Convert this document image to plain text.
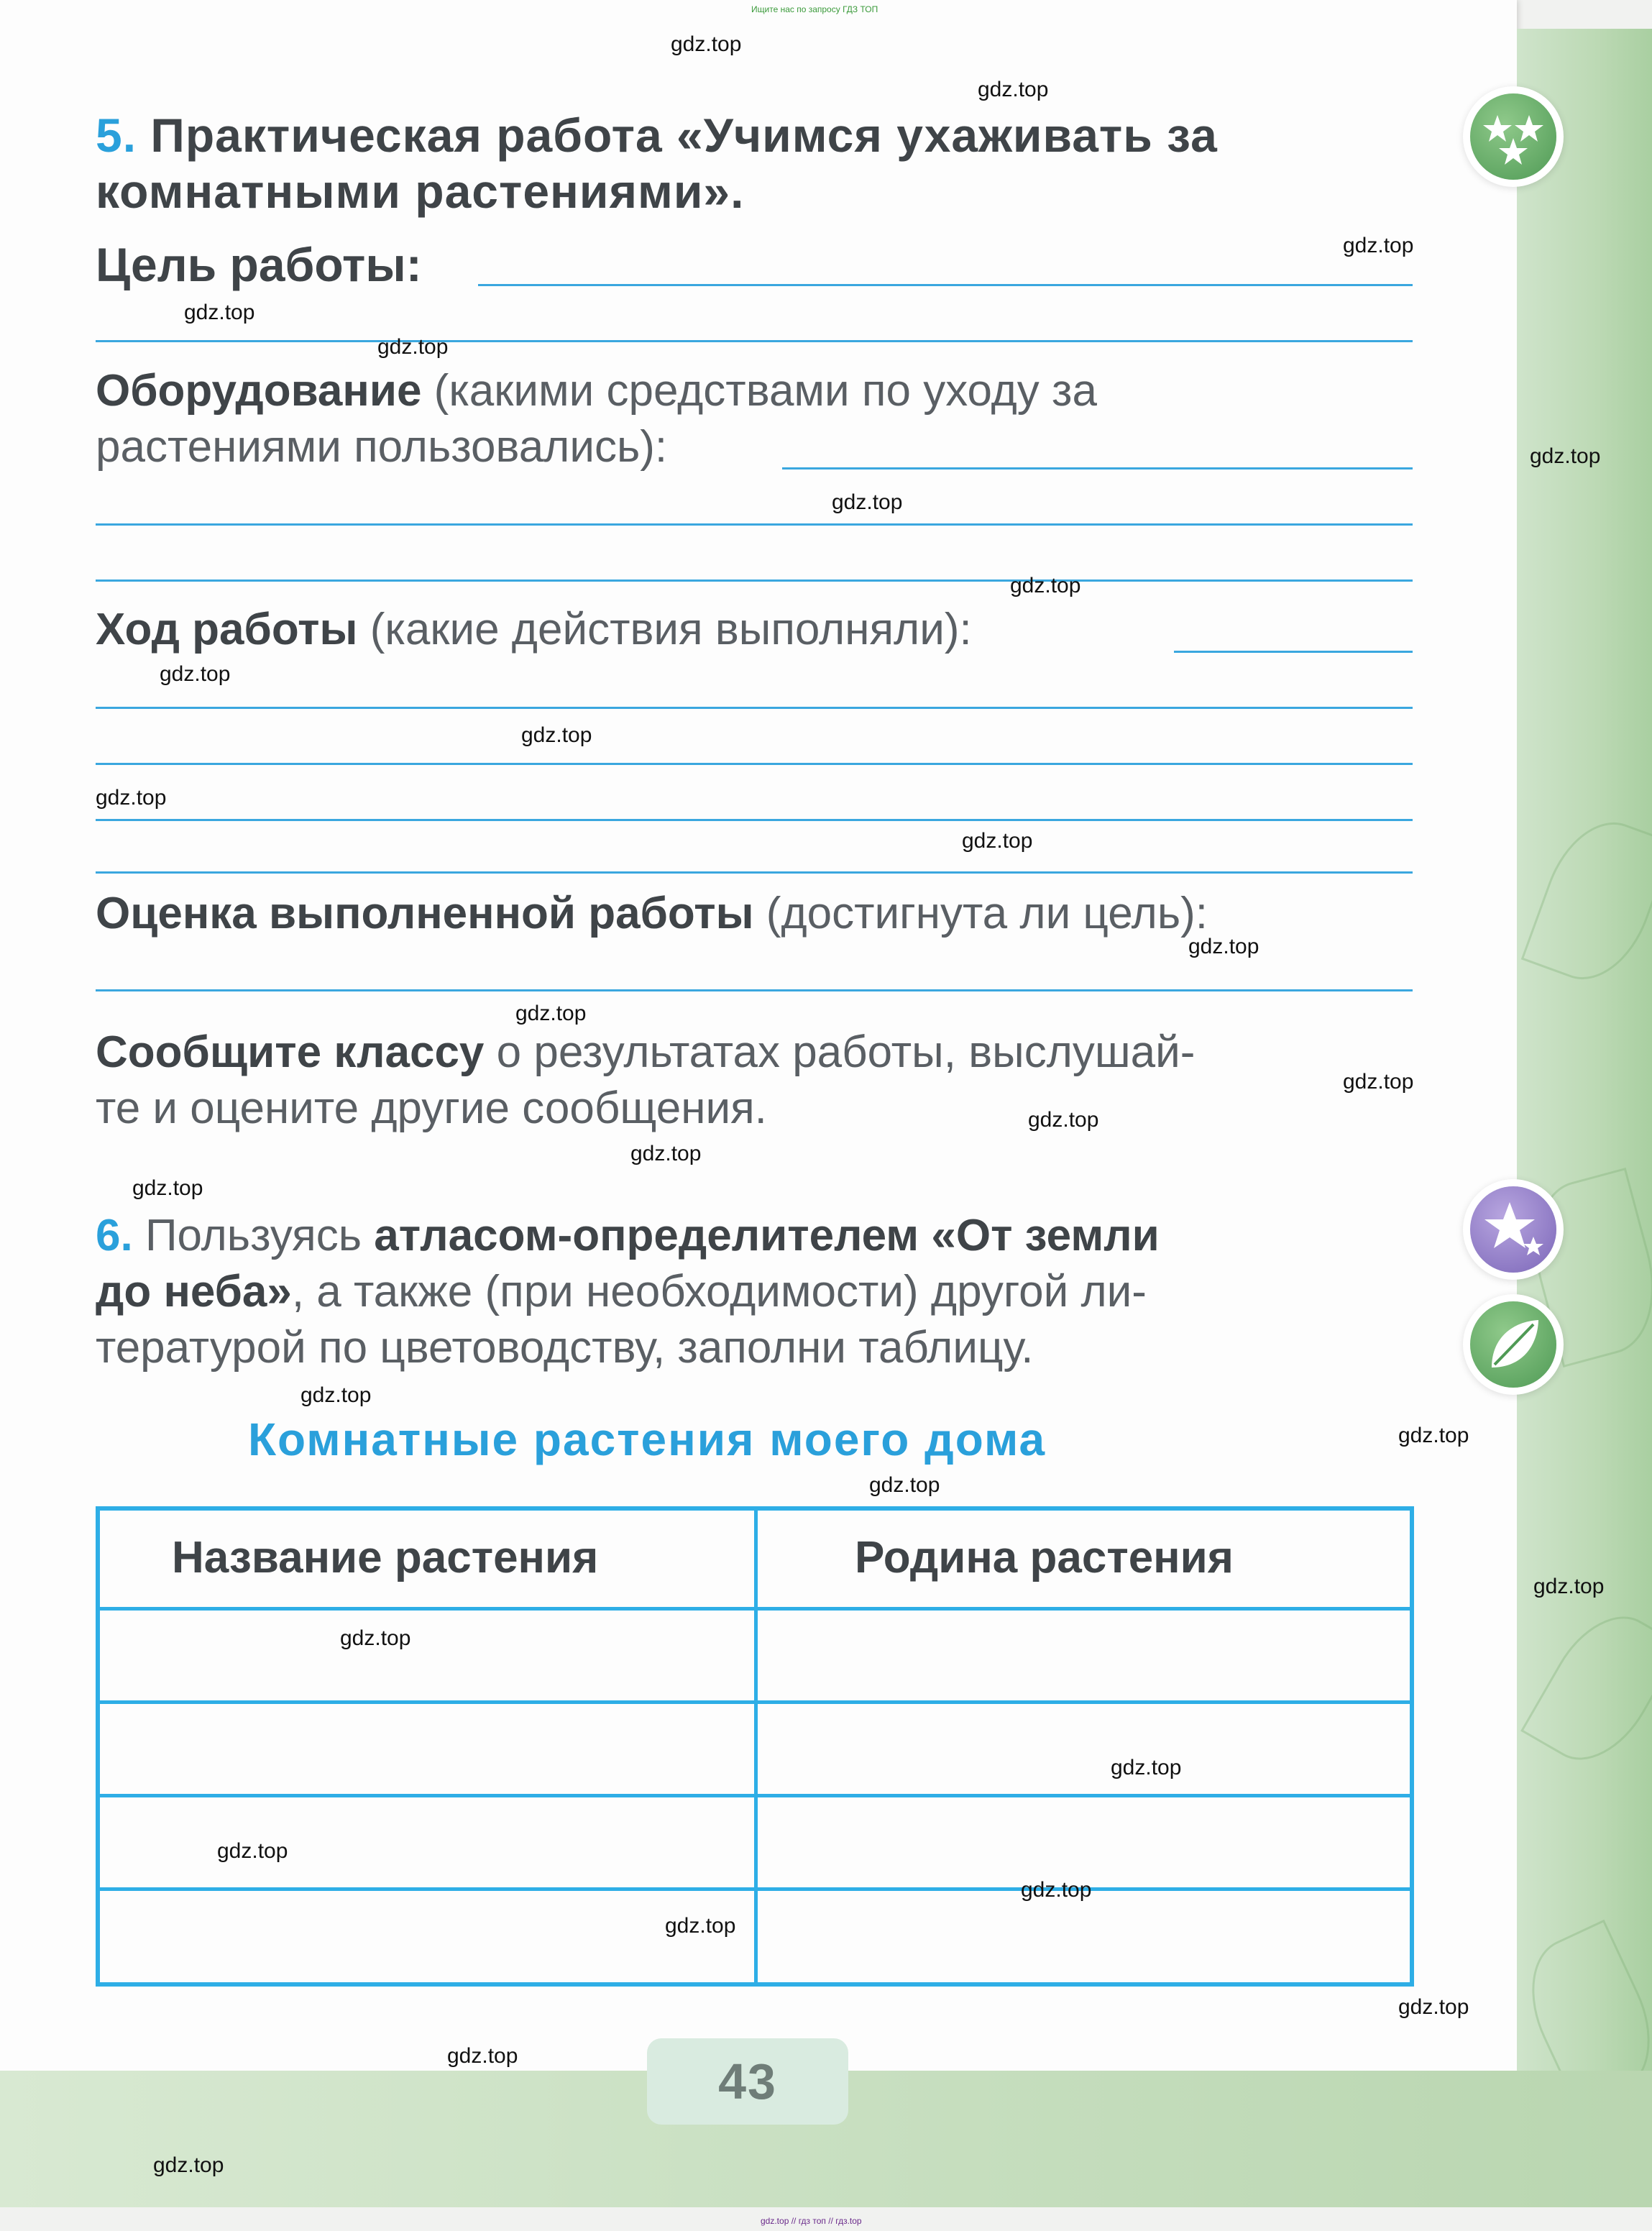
Ищите нас по запросу ГДЗ ТОП
5. Практическая работа «Учимся ухаживать за
комнатными растениями».
Цель работы:
Оборудование (какими средствами по уходу за
растениями пользовались):
Ход работы (какие действия выполняли):
Оценка выполненной работы (достигнута ли цель):
Сообщите классу о результатах работы, выслушай-
те и оцените другие сообщения.
6. Пользуясь атласом-определителем «От земли
до неба», а также (при необходимости) другой ли-
тературой по цветоводству, заполни таблицу.
Комнатные растения моего дома
Название растения	Родина растения
43
gdz.top
gdz.top
gdz.top
gdz.top
gdz.top
gdz.top
gdz.top
gdz.top
gdz.top
gdz.top
gdz.top
gdz.top
gdz.top
gdz.top
gdz.top
gdz.top
gdz.top
gdz.top
gdz.top
gdz.top
gdz.top
gdz.top
gdz.top
gdz.top
gdz.top
gdz.top
gdz.top
gdz.top
gdz.top
gdz.top
gdz.top // гдз топ // гдз.top
